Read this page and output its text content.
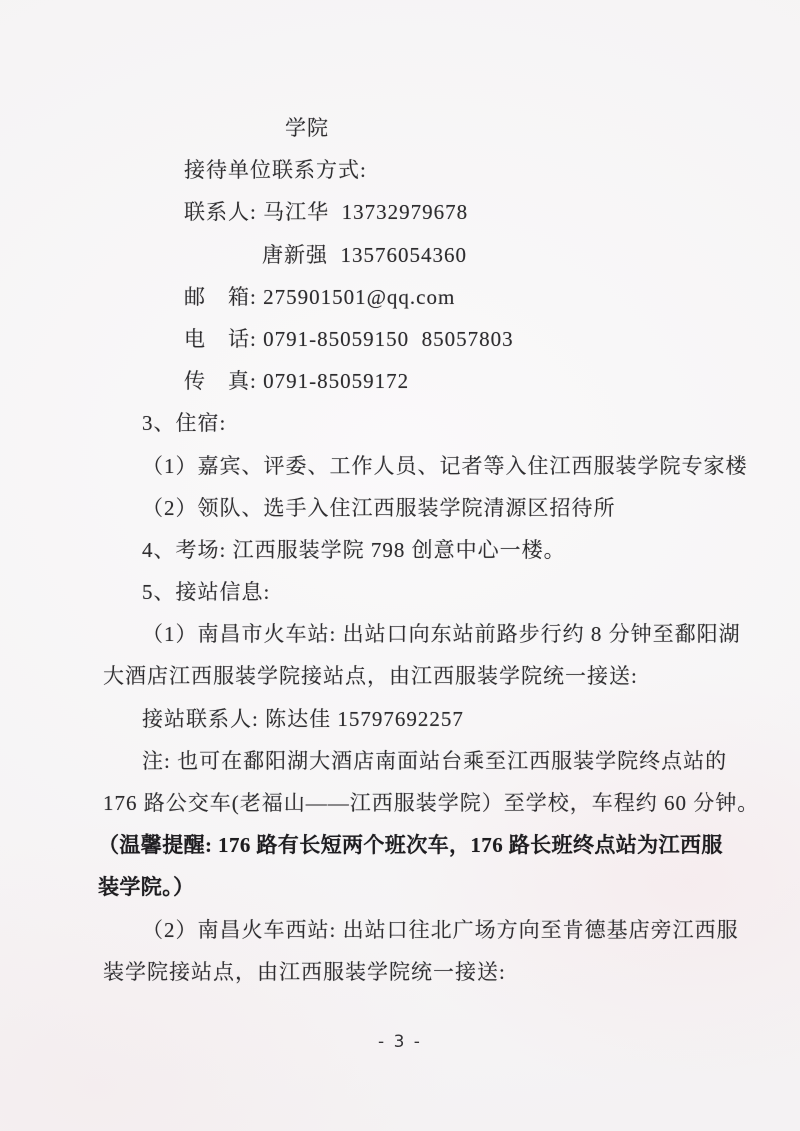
学院
接待单位联系方式:
联系人: 马江华  13732979678
唐新强  13576054360
邮　箱: 275901501@qq.com
电　话: 0791-85059150  85057803
传　真: 0791-85059172
3、住宿:
（1）嘉宾、评委、工作人员、记者等入住江西服装学院专家楼
（2）领队、选手入住江西服装学院清源区招待所
4、考场: 江西服装学院 798 创意中心一楼。
5、接站信息:
（1）南昌市火车站: 出站口向东站前路步行约 8 分钟至鄱阳湖
大酒店江西服装学院接站点，由江西服装学院统一接送:
接站联系人: 陈达佳 15797692257
注: 也可在鄱阳湖大酒店南面站台乘至江西服装学院终点站的
176 路公交车(老福山——江西服装学院）至学校，车程约 60 分钟。
（温馨提醒: 176 路有长短两个班次车，176 路长班终点站为江西服
装学院。）
（2）南昌火车西站: 出站口往北广场方向至肯德基店旁江西服
装学院接站点，由江西服装学院统一接送:
- 3 -
